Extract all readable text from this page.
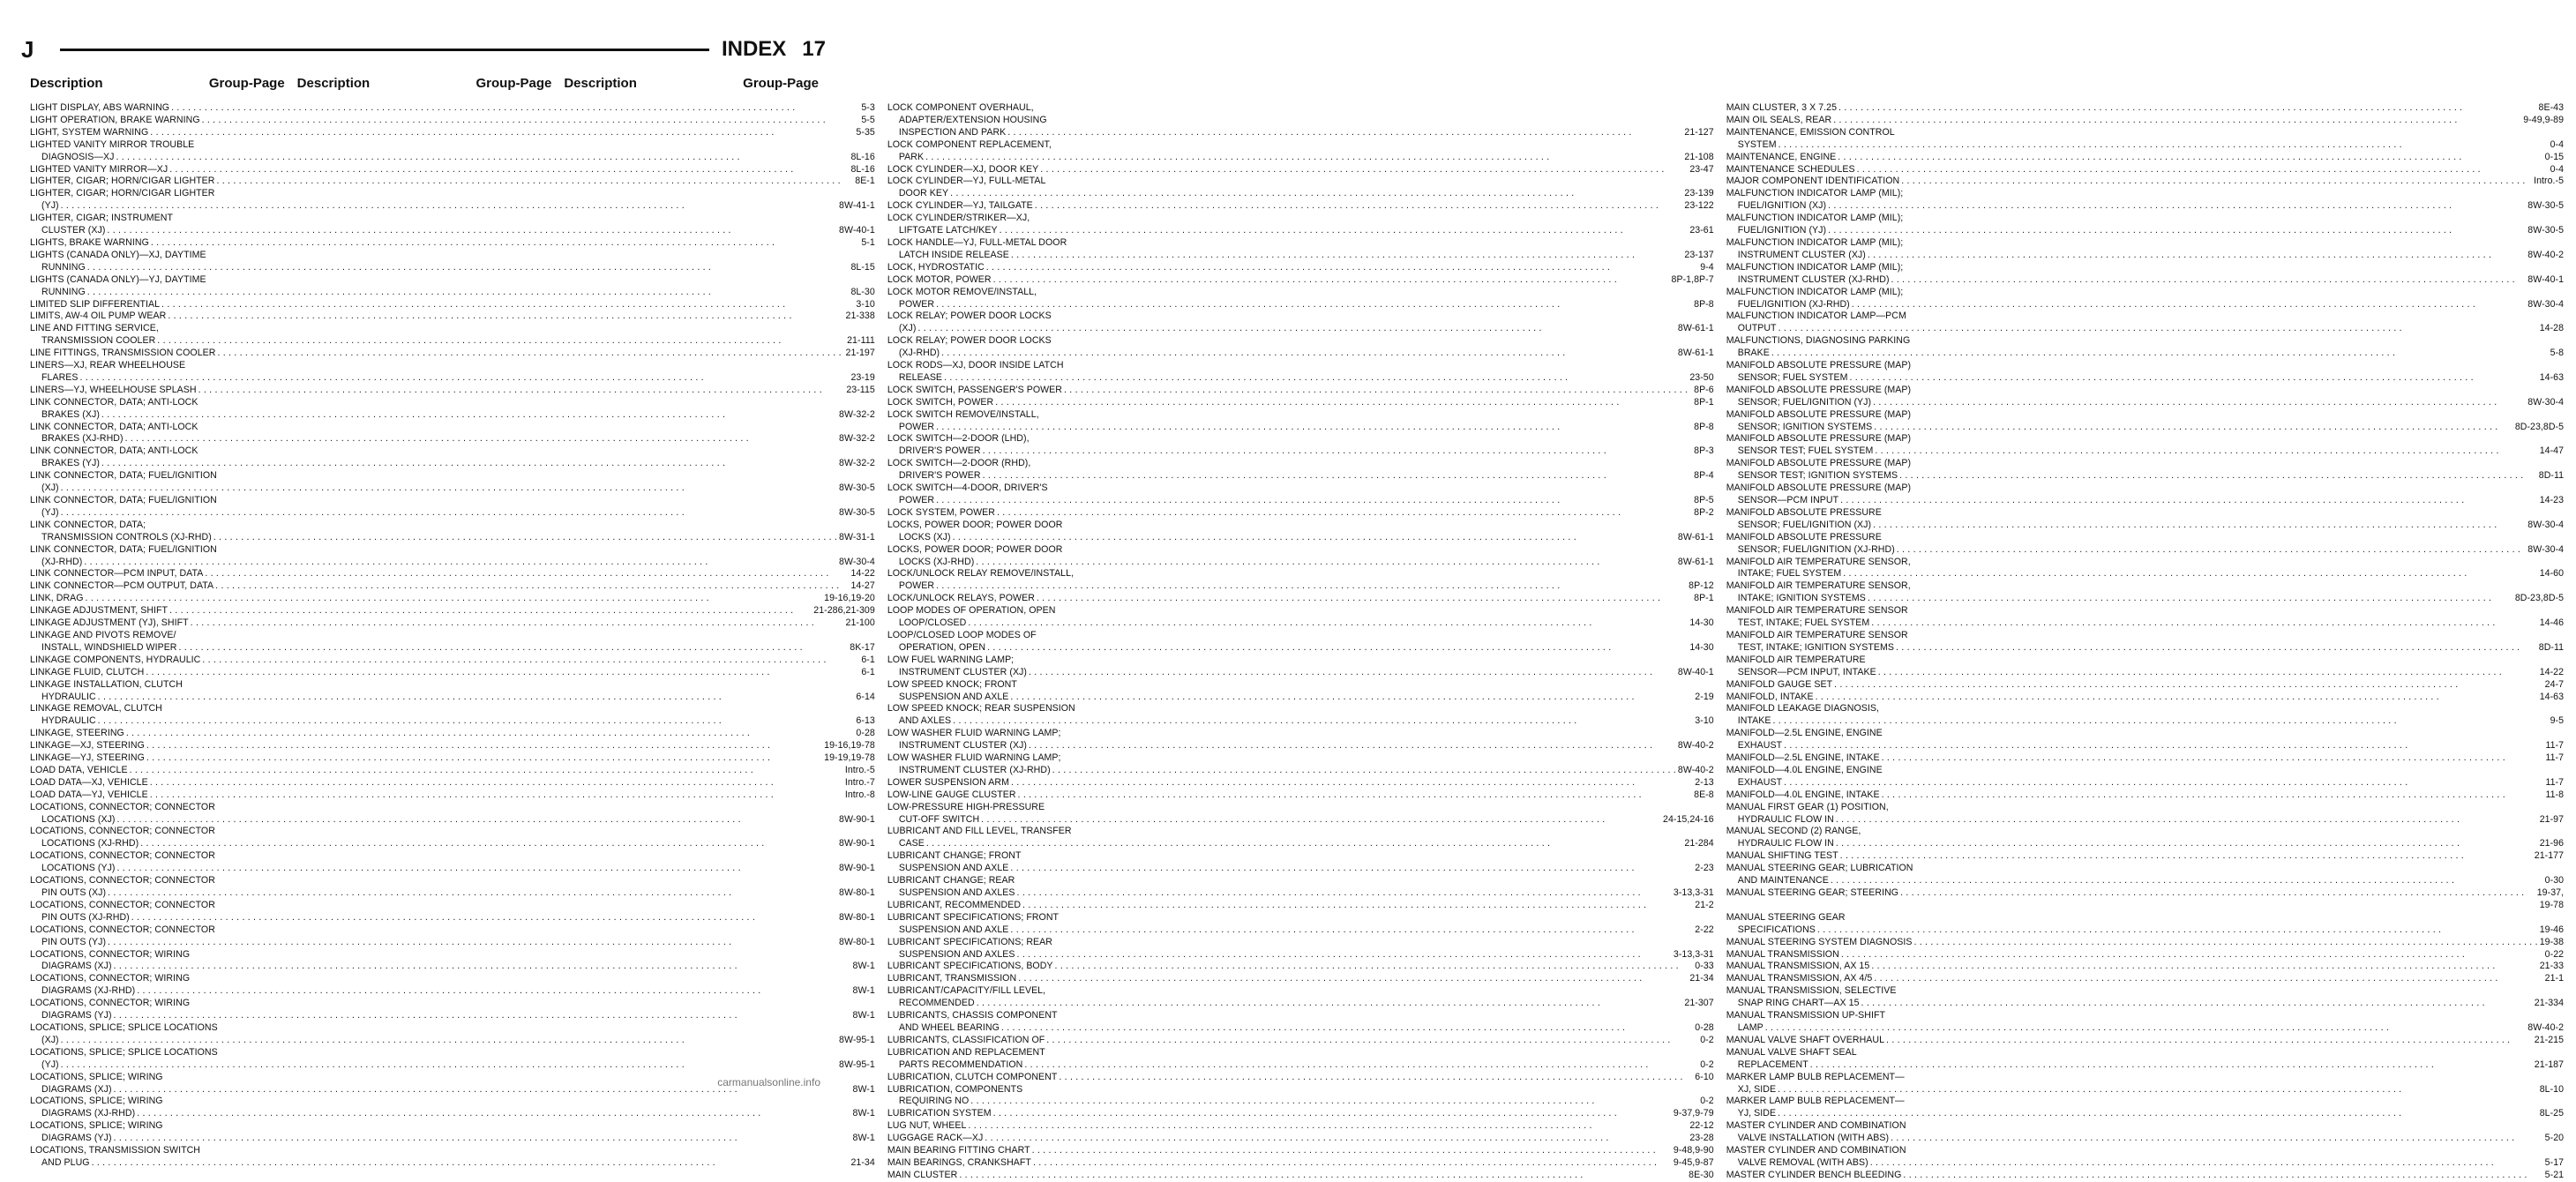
J	INDEX 17
Description	Group-Page Description	Group-Page Description	Group-Page
LIGHT DISPLAY, ABS WARNING . . .	5-3
LIGHT OPERATION, BRAKE WARNING . . .	5-5
LIGHT, SYSTEM WARNING . . .	5-35
LIGHTED VANITY MIRROR TROUBLE
DIAGNOSIS—XJ . . .	8L-16
LIGHTED VANITY MIRROR—XJ . . .	8L-16
LIGHTER, CIGAR; HORN/CIGAR LIGHTER . . .	8E-1
LIGHTER, CIGAR; HORN/CIGAR LIGHTER
(YJ) . . .	8W-41-1
LIGHTER, CIGAR; INSTRUMENT
CLUSTER (XJ) . . .	8W-40-1
LIGHTS, BRAKE WARNING . . .	5-1
LIGHTS (CANADA ONLY)—XJ, DAYTIME
RUNNING . . .	8L-15
LIGHTS (CANADA ONLY)—YJ, DAYTIME
RUNNING . . .	8L-30
LIMITED SLIP DIFFERENTIAL . . .	3-10
LIMITS, AW-4 OIL PUMP WEAR . . .	21-338
LINE AND FITTING SERVICE,
TRANSMISSION COOLER . . .	21-111
LINE FITTINGS, TRANSMISSION COOLER . . .	21-197
LINERS—XJ, REAR WHEELHOUSE
FLARES . . .	23-19
LINERS—YJ, WHEELHOUSE SPLASH . . .	23-115
LINK CONNECTOR, DATA; ANTI-LOCK
BRAKES (XJ) . . .	8W-32-2
LINK CONNECTOR, DATA; ANTI-LOCK
BRAKES (XJ-RHD) . . .	8W-32-2
LINK CONNECTOR, DATA; ANTI-LOCK
BRAKES (YJ) . . .	8W-32-2
LINK CONNECTOR, DATA; FUEL/IGNITION
(XJ) . . .	8W-30-5
LINK CONNECTOR, DATA; FUEL/IGNITION
(YJ) . . .	8W-30-5
LINK CONNECTOR, DATA;
TRANSMISSION CONTROLS (XJ-RHD) . . .	8W-31-1
LINK CONNECTOR, DATA; FUEL/IGNITION
(XJ-RHD) . . .	8W-30-4
LINK CONNECTOR—PCM INPUT, DATA . . .	14-22
LINK CONNECTOR—PCM OUTPUT, DATA . . .	14-27
LINK, DRAG . . .	19-16,19-20
LINKAGE ADJUSTMENT, SHIFT . . .	21-286,21-309
LINKAGE ADJUSTMENT (YJ), SHIFT . . .	21-100
LINKAGE AND PIVOTS REMOVE/
INSTALL, WINDSHIELD WIPER . . .	8K-17
LINKAGE COMPONENTS, HYDRAULIC . . .	6-1
LINKAGE FLUID, CLUTCH . . .	6-1
LINKAGE INSTALLATION, CLUTCH
HYDRAULIC . . .	6-14
LINKAGE REMOVAL, CLUTCH
HYDRAULIC . . .	6-13
LINKAGE, STEERING . . .	0-28
LINKAGE—XJ, STEERING . . .	19-16,19-78
LINKAGE—YJ, STEERING . . .	19-19,19-78
LOAD DATA, VEHICLE . . .	Intro.-5
LOAD DATA—XJ, VEHICLE . . .	Intro.-7
LOAD DATA—YJ, VEHICLE . . .	Intro.-8
LOCATIONS, CONNECTOR; CONNECTOR
LOCATIONS (XJ) . . .	8W-90-1
LOCATIONS, CONNECTOR; CONNECTOR
LOCATIONS (XJ-RHD) . . .	8W-90-1
LOCATIONS, CONNECTOR; CONNECTOR
LOCATIONS (YJ) . . .	8W-90-1
LOCATIONS, CONNECTOR; CONNECTOR
PIN OUTS (XJ) . . .	8W-80-1
LOCATIONS, CONNECTOR; CONNECTOR
PIN OUTS (XJ-RHD) . . .	8W-80-1
LOCATIONS, CONNECTOR; CONNECTOR
PIN OUTS (YJ) . . .	8W-80-1
LOCATIONS, CONNECTOR; WIRING
DIAGRAMS (XJ) . . .	8W-1
LOCATIONS, CONNECTOR; WIRING
DIAGRAMS (XJ-RHD) . . .	8W-1
LOCATIONS, CONNECTOR; WIRING
DIAGRAMS (YJ) . . .	8W-1
LOCATIONS, SPLICE; SPLICE LOCATIONS
(XJ) . . .	8W-95-1
LOCATIONS, SPLICE; SPLICE LOCATIONS
(YJ) . . .	8W-95-1
LOCATIONS, SPLICE; WIRING
DIAGRAMS (XJ) . . .	8W-1
LOCATIONS, SPLICE; WIRING
DIAGRAMS (XJ-RHD) . . .	8W-1
LOCATIONS, SPLICE; WIRING
DIAGRAMS (YJ) . . .	8W-1
LOCATIONS, TRANSMISSION SWITCH
AND PLUG . . .	21-34
LOCK COMPONENT OVERHAUL,
ADAPTER/EXTENSION HOUSING
INSPECTION AND PARK . . .	21-127
LOCK COMPONENT REPLACEMENT,
PARK . . .	21-108
LOCK CYLINDER—XJ, DOOR KEY . . .	23-47
LOCK CYLINDER—YJ, FULL-METAL
DOOR KEY . . .	23-139
LOCK CYLINDER—YJ, TAILGATE . . .	23-122
LOCK CYLINDER/STRIKER—XJ,
LIFTGATE LATCH/KEY . . .	23-61
LOCK HANDLE—YJ, FULL-METAL DOOR
LATCH INSIDE RELEASE . . .	23-137
LOCK, HYDROSTATIC . . .	9-4
LOCK MOTOR, POWER . . .	8P-1,8P-7
LOCK MOTOR REMOVE/INSTALL,
POWER . . .	8P-8
LOCK RELAY; POWER DOOR LOCKS
(XJ) . . .	8W-61-1
LOCK RELAY; POWER DOOR LOCKS
(XJ-RHD) . . .	8W-61-1
LOCK RODS—XJ, DOOR INSIDE LATCH
RELEASE . . .	23-50
LOCK SWITCH, PASSENGER'S POWER . . .	8P-6
LOCK SWITCH, POWER . . .	8P-1
LOCK SWITCH REMOVE/INSTALL,
POWER . . .	8P-8
LOCK SWITCH—2-DOOR (LHD),
DRIVER'S POWER . . .	8P-3
LOCK SWITCH—2-DOOR (RHD),
DRIVER'S POWER . . .	8P-4
LOCK SWITCH—4-DOOR, DRIVER'S
POWER . . .	8P-5
LOCK SYSTEM, POWER . . .	8P-2
LOCKS, POWER DOOR; POWER DOOR
LOCKS (XJ) . . .	8W-61-1
LOCKS, POWER DOOR; POWER DOOR
LOCKS (XJ-RHD) . . .	8W-61-1
LOCK/UNLOCK RELAY REMOVE/INSTALL,
POWER . . .	8P-12
LOCK/UNLOCK RELAYS, POWER . . .	8P-1
LOOP MODES OF OPERATION, OPEN
LOOP/CLOSED . . .	14-30
LOOP/CLOSED LOOP MODES OF
OPERATION, OPEN . . .	14-30
LOW FUEL WARNING LAMP;
INSTRUMENT CLUSTER (XJ) . . .	8W-40-1
LOW SPEED KNOCK; FRONT
SUSPENSION AND AXLE . . .	2-19
LOW SPEED KNOCK; REAR SUSPENSION
AND AXLES . . .	3-10
LOW WASHER FLUID WARNING LAMP;
INSTRUMENT CLUSTER (XJ) . . .	8W-40-2
LOW WASHER FLUID WARNING LAMP;
INSTRUMENT CLUSTER (XJ-RHD) . . .	8W-40-2
LOWER SUSPENSION ARM . . .	2-13
LOW-LINE GAUGE CLUSTER . . .	8E-8
LOW-PRESSURE HIGH-PRESSURE
CUT-OFF SWITCH . . .	24-15,24-16
LUBRICANT AND FILL LEVEL, TRANSFER
CASE . . .	21-284
LUBRICANT CHANGE; FRONT
SUSPENSION AND AXLE . . .	2-23
LUBRICANT CHANGE; REAR
SUSPENSION AND AXLES . . .	3-13,3-31
LUBRICANT, RECOMMENDED . . .	21-2
LUBRICANT SPECIFICATIONS; FRONT
SUSPENSION AND AXLE . . .	2-22
LUBRICANT SPECIFICATIONS; REAR
SUSPENSION AND AXLES . . .	3-13,3-31
LUBRICANT SPECIFICATIONS, BODY . . .	0-33
LUBRICANT, TRANSMISSION . . .	21-34
LUBRICANT/CAPACITY/FILL LEVEL,
RECOMMENDED . . .	21-307
LUBRICANTS, CHASSIS COMPONENT
AND WHEEL BEARING . . .	0-28
LUBRICANTS, CLASSIFICATION OF . . .	0-2
LUBRICATION AND REPLACEMENT
PARTS RECOMMENDATION . . .	0-2
LUBRICATION, CLUTCH COMPONENT . . .	6-10
LUBRICATION, COMPONENTS
REQUIRING NO . . .	0-2
LUBRICATION SYSTEM . . .	9-37,9-79
LUG NUT, WHEEL . . .	22-12
LUGGAGE RACK—XJ . . .	23-28
MAIN BEARING FITTING CHART . . .	9-48,9-90
MAIN BEARINGS, CRANKSHAFT . . .	9-45,9-87
MAIN CLUSTER . . .	8E-30
MAIN CLUSTER, 3 X 7.25 . . .	8E-43
MAIN OIL SEALS, REAR . . .	9-49,9-89
MAINTENANCE, EMISSION CONTROL
SYSTEM . . .	0-4
MAINTENANCE, ENGINE . . .	0-15
MAINTENANCE SCHEDULES . . .	0-4
MAJOR COMPONENT IDENTIFICATION . . .	Intro.-5
MALFUNCTION INDICATOR LAMP (MIL);
FUEL/IGNITION (XJ) . . .	8W-30-5
MALFUNCTION INDICATOR LAMP (MIL);
FUEL/IGNITION (YJ) . . .	8W-30-5
MALFUNCTION INDICATOR LAMP (MIL);
INSTRUMENT CLUSTER (XJ) . . .	8W-40-2
MALFUNCTION INDICATOR LAMP (MIL);
INSTRUMENT CLUSTER (XJ-RHD) . . .	8W-40-1
MALFUNCTION INDICATOR LAMP (MIL);
FUEL/IGNITION (XJ-RHD) . . .	8W-30-4
MALFUNCTION INDICATOR LAMP—PCM
OUTPUT . . .	14-28
MALFUNCTIONS, DIAGNOSING PARKING
BRAKE . . .	5-8
MANIFOLD ABSOLUTE PRESSURE (MAP)
SENSOR; FUEL SYSTEM . . .	14-63
MANIFOLD ABSOLUTE PRESSURE (MAP)
SENSOR; FUEL/IGNITION (YJ) . . .	8W-30-4
MANIFOLD ABSOLUTE PRESSURE (MAP)
SENSOR; IGNITION SYSTEMS . . .	8D-23,8D-5
MANIFOLD ABSOLUTE PRESSURE (MAP)
SENSOR TEST; FUEL SYSTEM . . .	14-47
MANIFOLD ABSOLUTE PRESSURE (MAP)
SENSOR TEST; IGNITION SYSTEMS . . .	8D-11
MANIFOLD ABSOLUTE PRESSURE (MAP)
SENSOR—PCM INPUT . . .	14-23
MANIFOLD ABSOLUTE PRESSURE
SENSOR; FUEL/IGNITION (XJ) . . .	8W-30-4
MANIFOLD ABSOLUTE PRESSURE
SENSOR; FUEL/IGNITION (XJ-RHD) . . .	8W-30-4
MANIFOLD AIR TEMPERATURE SENSOR,
INTAKE; FUEL SYSTEM . . .	14-60
MANIFOLD AIR TEMPERATURE SENSOR,
INTAKE; IGNITION SYSTEMS . . .	8D-23,8D-5
MANIFOLD AIR TEMPERATURE SENSOR
TEST, INTAKE; FUEL SYSTEM . . .	14-46
MANIFOLD AIR TEMPERATURE SENSOR
TEST, INTAKE; IGNITION SYSTEMS . . .	8D-11
MANIFOLD AIR TEMPERATURE
SENSOR—PCM INPUT, INTAKE . . .	14-22
MANIFOLD GAUGE SET . . .	24-7
MANIFOLD, INTAKE . . .	14-63
MANIFOLD LEAKAGE DIAGNOSIS,
INTAKE . . .	9-5
MANIFOLD—2.5L ENGINE, ENGINE
EXHAUST . . .	11-7
MANIFOLD—2.5L ENGINE, INTAKE . . .	11-7
MANIFOLD—4.0L ENGINE, ENGINE
EXHAUST . . .	11-7
MANIFOLD—4.0L ENGINE, INTAKE . . .	11-8
MANUAL FIRST GEAR (1) POSITION,
HYDRAULIC FLOW IN . . .	21-97
MANUAL SECOND (2) RANGE,
HYDRAULIC FLOW IN . . .	21-96
MANUAL SHIFTING TEST . . .	21-177
MANUAL STEERING GEAR; LUBRICATION
AND MAINTENANCE . . .	0-30
MANUAL STEERING GEAR; STEERING . . .	19-37,
19-78
MANUAL STEERING GEAR
SPECIFICATIONS . . .	19-46
MANUAL STEERING SYSTEM DIAGNOSIS . . .	19-38
MANUAL TRANSMISSION . . .	0-22
MANUAL TRANSMISSION, AX 15 . . .	21-33
MANUAL TRANSMISSION, AX 4/5 . . .	21-1
MANUAL TRANSMISSION, SELECTIVE
SNAP RING CHART—AX 15 . . .	21-334
MANUAL TRANSMISSION UP-SHIFT
LAMP . . .	8W-40-2
MANUAL VALVE SHAFT OVERHAUL . . .	21-215
MANUAL VALVE SHAFT SEAL
REPLACEMENT . . .	21-187
MARKER LAMP BULB REPLACEMENT—
XJ, SIDE . . .	8L-10
MARKER LAMP BULB REPLACEMENT—
YJ, SIDE . . .	8L-25
MASTER CYLINDER AND COMBINATION
VALVE INSTALLATION (WITH ABS) . . .	5-20
MASTER CYLINDER AND COMBINATION
VALVE REMOVAL (WITH ABS) . . .	5-17
MASTER CYLINDER BENCH BLEEDING . . .	5-21
carmanualsonline.info
